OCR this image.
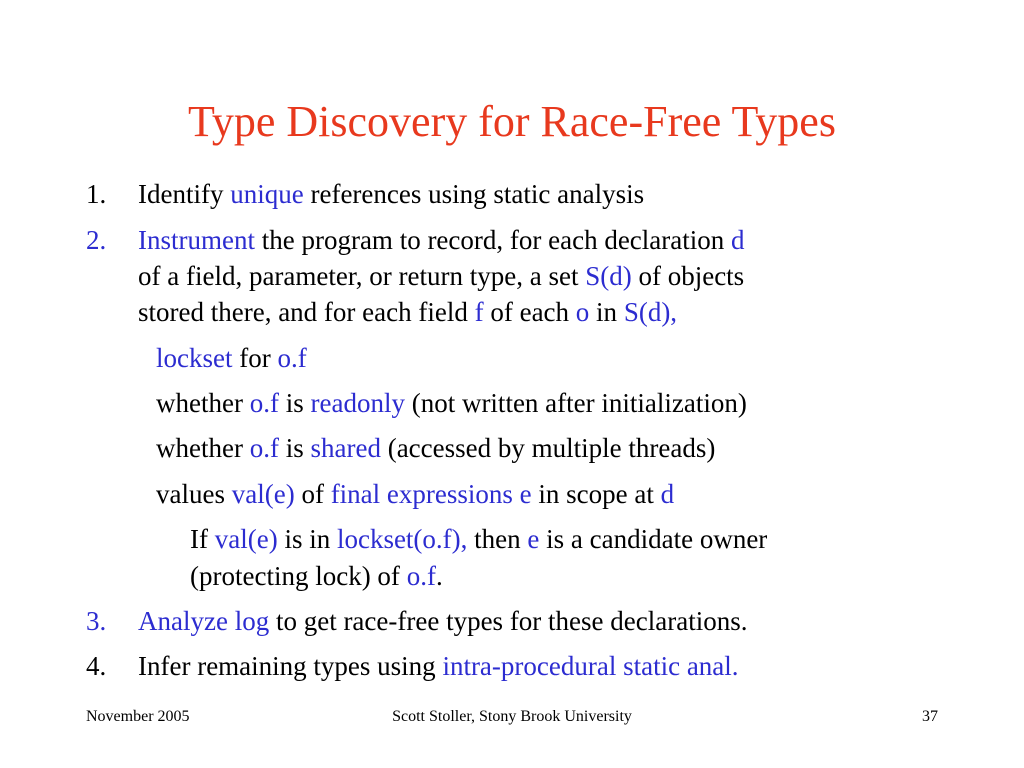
Type Discovery for Race-Free Types
1. Identify unique references using static analysis
2. Instrument the program to record, for each declaration d
of a field, parameter, or return type, a set S(d) of objects
stored there, and for each field f of each o in S(d),
lockset for o.f
whether o.f is readonly (not written after initialization)
whether o.f is shared (accessed by multiple threads)
values val(e) of final expressions e in scope at d
If val(e) is in lockset(o.f), then e is a candidate owner
(protecting lock) of o.f.
3. Analyze log to get race-free types for these declarations.
4. Infer remaining types using intra-procedural static anal.
November 2005	Scott Stoller, Stony Brook University	37
